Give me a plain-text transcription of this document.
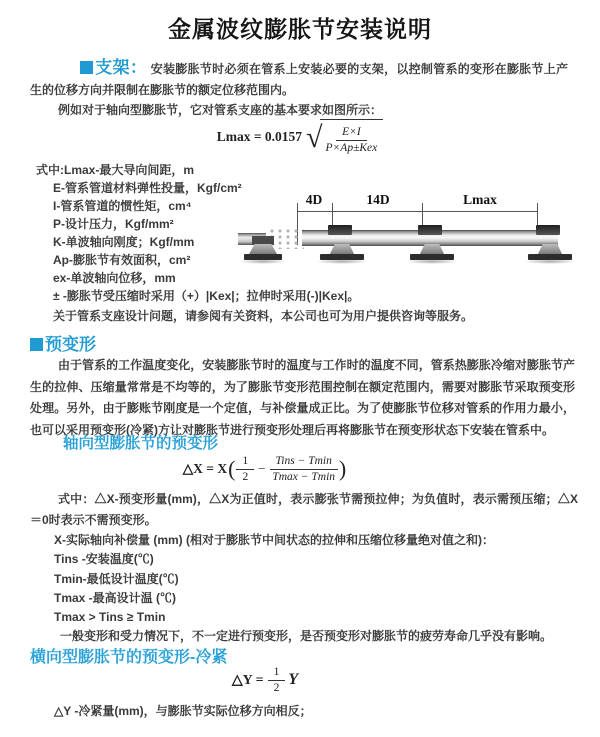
金属波纹膨胀节安装说明
支架： 安装膨胀节时必须在管系上安装必要的支架，以控制管系的变形在膨胀节上产生的位移方向并限制在膨胀节的额定位移范围内。
例如对于轴向型膨胀节，它对管系支座的基本要求如图所示：
Lmax = 0.0157 √ $\frac{E\times I}{\text{P×Ap±Kex}}$
式中:Lmax-最大导向间距，m
E-管系管道材料弹性投量，Kgf/cm²
I-管系管道的惯性矩，cm⁴
P-设计压力，Kgf/mm²
K-单波轴向刚度；Kgf/mm
Ap-膨胀节有效面积，cm²
ex-单波轴向位移，mm
± -膨胀节受压缩时采用（+）|Kex|；拉伸时采用(-)|Kex|。
关于管系支座设计问题，请参阅有关资料，本公司也可为用户提供咨询等服务。
4D	14D	Lmax
预变形
由于管系的工作温度变化，安装膨胀节时的温度与工作时的温度不同，管系热膨胀冷缩对膨胀节产生的拉伸、压缩量常常是不均等的，为了膨胀节变形范围控制在额定范围内，需要对膨胀节采取预变形处理。另外，由于膨账节刚度是一个定值，与补偿量成正比。为了使膨胀节位移对管系的作用力最小，也可以采用预变形(冷紧)方让对膨胀节进行预变形处理后再将膨胀节在预变形状态下安装在管系中。
轴向型膨胀节的预变形
△X = X ( $\frac{1}{2} - \frac{\text{Tins − Tmin}}{Tmax - Tmin}$ )
式中：△X-预变形量(mm)，△X为正值时，表示膨张节需预拉伸；为负值时，表示需预压缩；△X＝0时表示不需预变形。
X-实际轴向补偿量 (mm) (相对于膨胀节中间状态的拉伸和压缩位移量绝对值之和)：
Tins -安装温度(℃)
Tmin-最低设计温度(℃)
Tmax -最高设计温 (℃)
Tmax > Tins ≥ Tmin
一般变形和受力情况下，不一定进行预变形，是否预变形对膨胀节的疲劳寿命几乎没有影响。
横向型膨胀节的预变形-冷紧
△Y =
$\frac{1}{2}$ Y
△Y -冷紧量(mm)，与膨胀节实际位移方向相反；
